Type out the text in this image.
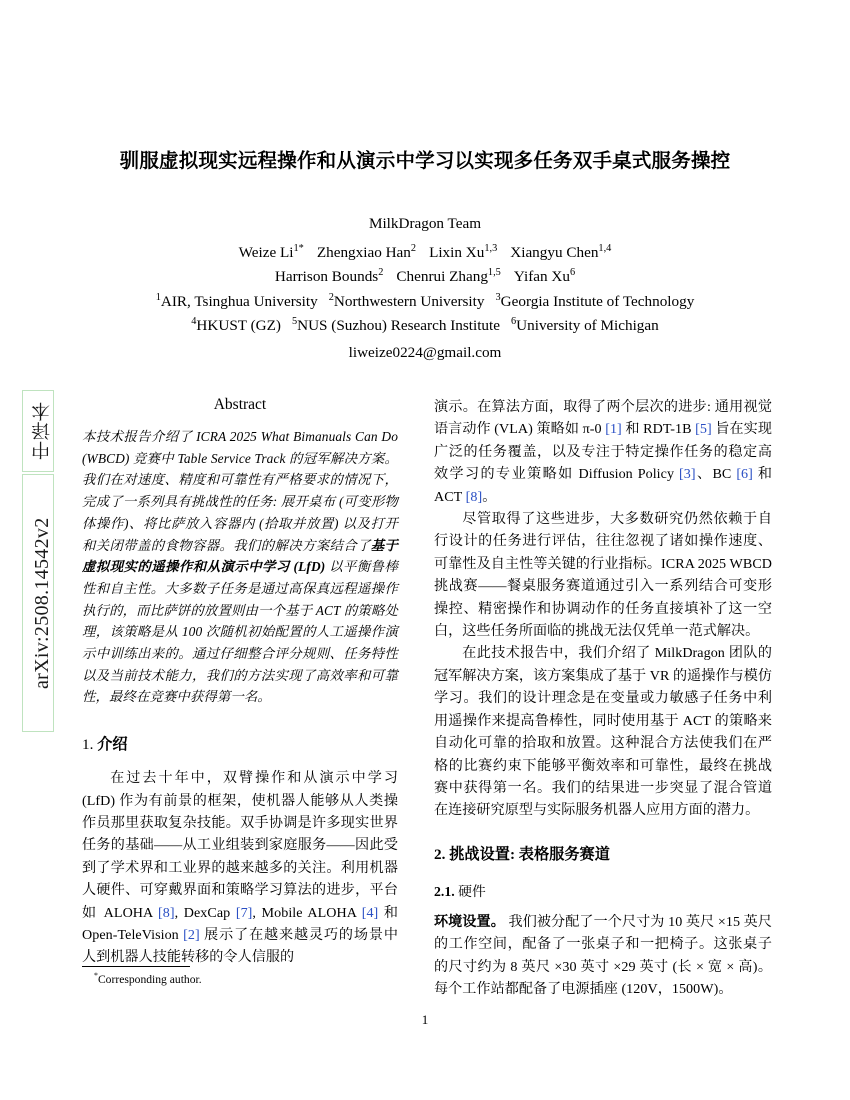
中译本
arXiv:2508.14542v2
驯服虚拟现实远程操作和从演示中学习以实现多任务双手桌式服务操控
MilkDragon Team
Weize $Li^{1*}$ Zhengxiao Han$^2$ Lixin Xu$^{1,3}$ Xiangyu Chen$^{1,4}$
Harrison Bounds$^2$ Chenrui Zhang$^{1,5}$ Yifan Xu$^6$
$^1$AIR, Tsinghua University $^2$Northwestern University $^3$Georgia Institute of Technology
$^4$HKUST (GZ) $^5$NUS (Suzhou) Research Institute $^6$University of Michigan
liweize0224@gmail.com
Abstract

本技术报告介绍了 ICRA 2025 What Bimanuals Can Do (WBCD) 竞赛中 Table Service Track 的冠军解决方案。我们在对速度、精度和可靠性有严格要求的情况下，完成了一系列具有挑战性的任务: 展开桌布 (可变形物体操作)、将比萨放入容器内 (拾取并放置) 以及打开和关闭带盖的食物容器。我们的解决方案结合了基于虚拟现实的遥操作和从演示中学习 (LfD) 以平衡鲁棒性和自主性。大多数子任务是通过高保真远程遥操作执行的，而比萨饼的放置则由一个基于 ACT 的策略处理，该策略是从 100 次随机初始配置的人工遥操作演示中训练出来的。通过仔细整合评分规则、任务特性以及当前技术能力，我们的方法实现了高效率和可靠性，最终在竞赛中获得第一名。

1. 介绍

在过去十年中，双臂操作和从演示中学习 (LfD) 作为有前景的框架，使机器人能够从人类操作员那里获取复杂技能。双手协调是许多现实世界任务的基础——从工业组装到家庭服务——因此受到了学术界和工业界的越来越多的关注。利用机器人硬件、可穿戴界面和策略学习算法的进步，平台如 ALOHA [8], DexCap [7], Mobile ALOHA [4] 和 Open-TeleVision [2] 展示了在越来越灵巧的场景中人到机器人技能转移的令人信服的

演示。在算法方面，取得了两个层次的进步: 通用视觉语言动作 (VLA) 策略如 π-0 [1] 和 RDT-1B [5] 旨在实现广泛的任务覆盖，以及专注于特定操作任务的稳定高效学习的专业策略如 Diffusion Policy [3]、BC [6] 和 ACT [8]。

尽管取得了这些进步，大多数研究仍然依赖于自行设计的任务进行评估，往往忽视了诸如操作速度、可靠性及自主性等关键的行业指标。ICRA 2025 WBCD 挑战赛——餐桌服务赛道通过引入一系列结合可变形操控、精密操作和协调动作的任务直接填补了这一空白，这些任务所面临的挑战无法仅凭单一范式解决。

在此技术报告中，我们介绍了 MilkDragon 团队的冠军解决方案，该方案集成了基于 VR 的遥操作与模仿学习。我们的设计理念是在变量或力敏感子任务中利用遥操作来提高鲁棒性，同时使用基于 ACT 的策略来自动化可靠的拾取和放置。这种混合方法使我们在严格的比赛约束下能够平衡效率和可靠性，最终在挑战赛中获得第一名。我们的结果进一步突显了混合管道在连接研究原型与实际服务机器人应用方面的潜力。

2. 挑战设置: 表格服务赛道
2.1. 硬件

环境设置。 我们被分配了一个尺寸为 10 英尺 ×15 英尺的工作空间，配备了一张桌子和一把椅子。这张桌子的尺寸约为 8 英尺 ×30 英寸 ×29 英寸 (长 × 宽 × 高)。每个工作站都配备了电源插座 (120V，1500W)。

*Corresponding author.

1
